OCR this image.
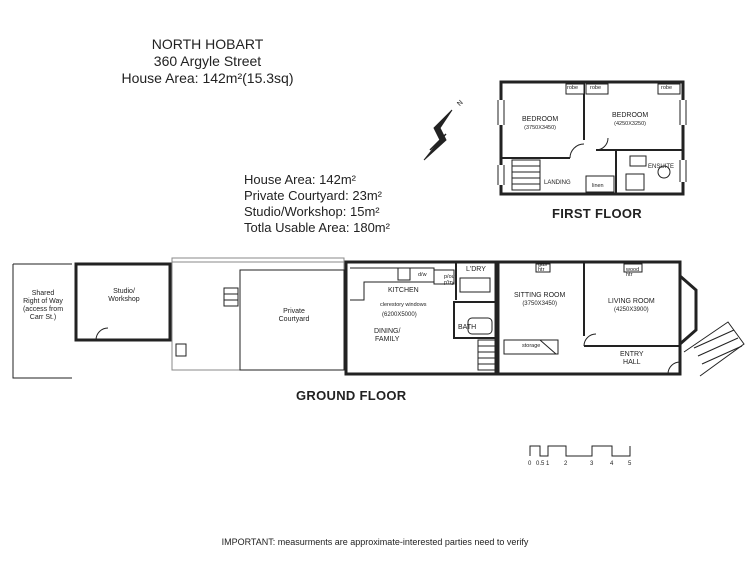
NORTH HOBART
360 Argyle Street
House Area: 142m²(15.3sq)
House Area: 142m²
Private Courtyard: 23m²
Studio/Workshop: 15m²
Totla Usable Area: 180m²
N
robe robe	robe
BEDROOM
(3750X3450)
BEDROOM
(4250X3250)
LANDING	linen
ENSUITE
FIRST FLOOR
Shared
Right of Way
(access from
Carr St.)
Studio/
Workshop
Private
Courtyard
KITCHEN
d/w	p/out
p'try
L'DRY
clerestory windows
(6200X5000)
DINING/
FAMILY
BATH
SITTING ROOM
(3750X3450)
gas
htr
LIVING ROOM
(4250X3900)
wood
htr
storage
ENTRY
HALL
GROUND FLOOR
0 0.5 1 2	3	4 5
IMPORTANT: measurments are approximate-interested parties need to verify
